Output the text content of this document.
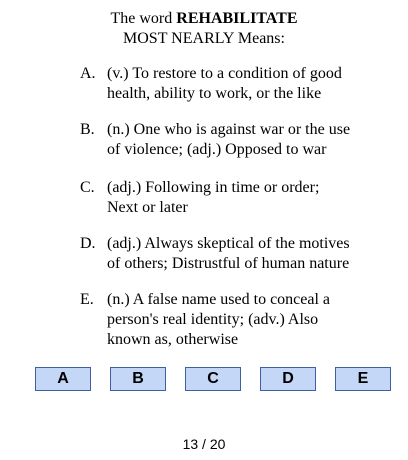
The word REHABILITATE
MOST NEARLY Means:
A. (v.) To restore to a condition of good
health, ability to work, or the like
B. (n.) One who is against war or the use
of violence; (adj.) Opposed to war
C. (adj.) Following in time or order;
Next or later
D. (adj.) Always skeptical of the motives
of others; Distrustful of human nature
E. (n.) A false name used to conceal a
person's real identity; (adv.) Also
known as, otherwise
A	B	C	D	E
13 / 20
